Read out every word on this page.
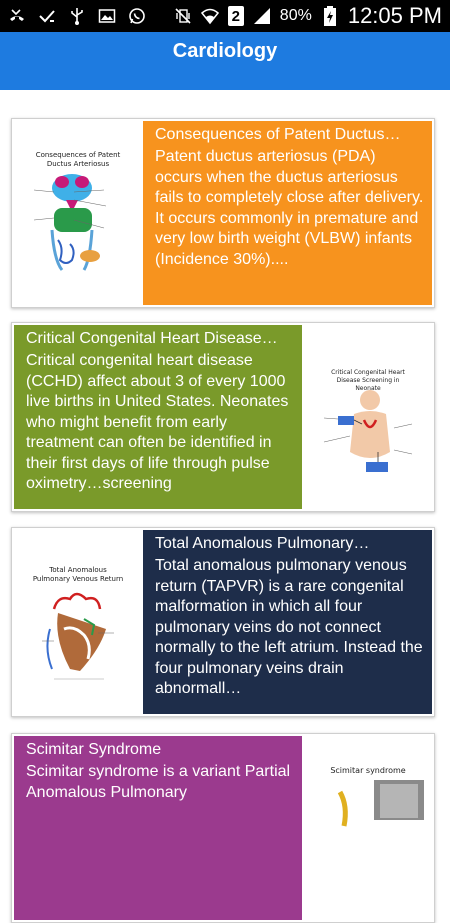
2 80% 12:05 PM
Cardiology
Consequences of Patent Ductus Arteriosus
Consequences of Patent Ductus…
Patent ductus arteriosus (PDA) occurs when the ductus arteriosus fails to completely close after delivery. It occurs commonly in premature and very low birth weight (VLBW) infants (Incidence 30%)....
Critical Congenital Heart Disease…
Critical congenital heart disease (CCHD) affect about 3 of every 1000 live births in United States. Neonates who might benefit from early treatment can often be identified in their first days of life through pulse oximetry…screening
Critical Congenital Heart Disease Screening in Neonate
Total Anomalous Pulmonary Venous Return
Total Anomalous Pulmonary…
Total anomalous pulmonary venous return (TAPVR) is a rare congenital malformation in which all four pulmonary veins do not connect normally to the left atrium. Instead the four pulmonary veins drain abnormall…
Scimitar Syndrome
Scimitar syndrome is a variant Partial Anomalous Pulmonary
Scimitar syndrome
